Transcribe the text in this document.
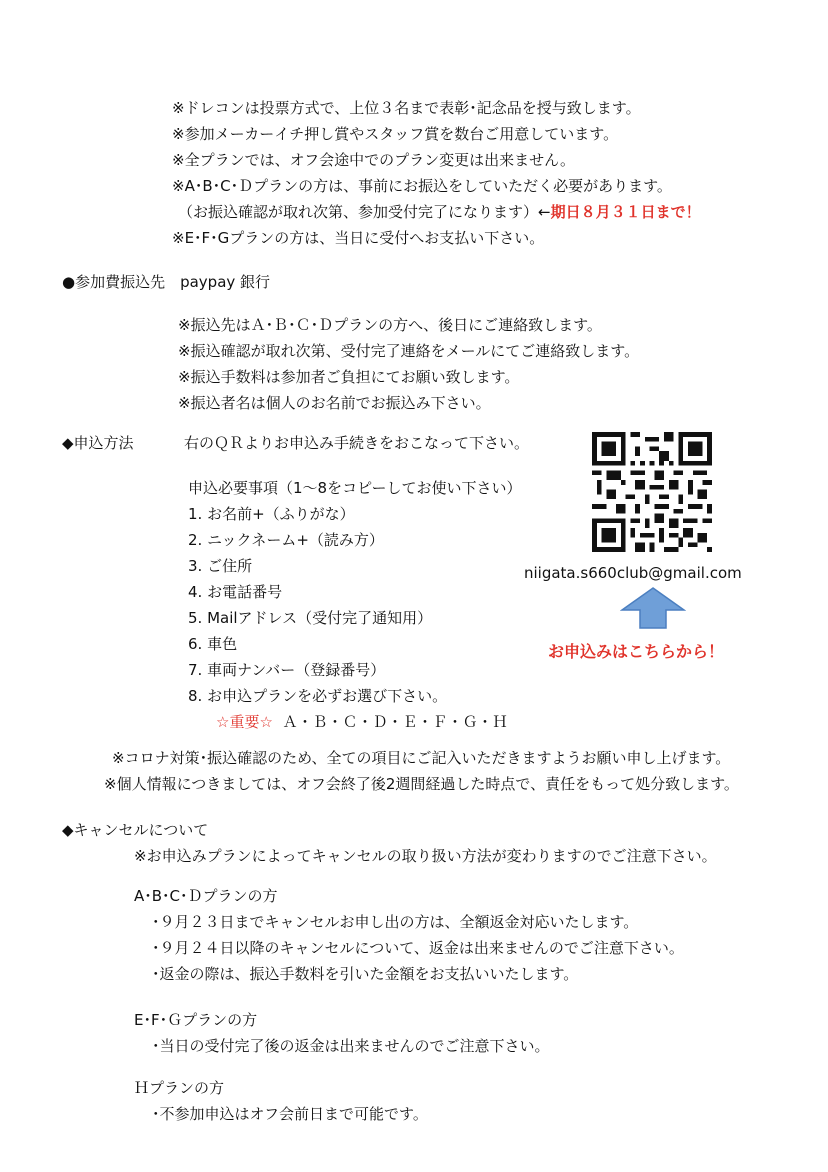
※ドレコンは投票方式で、上位３名まで表彰･記念品を授与致します。
※参加メーカーイチ押し賞やスタッフ賞を数台ご用意しています。
※全プランでは、オフ会途中でのプラン変更は出来ません。
※A･B･C･Ｄプランの方は、事前にお振込をしていただく必要があります。
（お振込確認が取れ次第、参加受付完了になります）←期日８月３１日まで！
※E･F･Gプランの方は、当日に受付へお支払い下さい。
●参加費振込先　paypay 銀行
※振込先はＡ･Ｂ･Ｃ･Ｄプランの方へ、後日にご連絡致します。
※振込確認が取れ次第、受付完了連絡をメールにてご連絡致します。
※振込手数料は参加者ご負担にてお願い致します。
※振込者名は個人のお名前でお振込み下さい。
◆申込方法	右のＱＲよりお申込み手続きをおこなって下さい。
申込必要事項（1～8をコピーしてお使い下さい）
1. お名前+（ふりがな）
2. ニックネーム+（読み方）
3. ご住所
4. お電話番号
5. Mailアドレス（受付完了通知用）
6. 車色
7. 車両ナンバー（登録番号）
8. お申込プランを必ずお選び下さい。
☆重要☆ Ａ・Ｂ・Ｃ・Ｄ・Ｅ・Ｆ・Ｇ・Ｈ
niigata.s660club@gmail.com
お申込みはこちらから！
※コロナ対策･振込確認のため、全ての項目にご記入いただきますようお願い申し上げます。
※個人情報につきましては、オフ会終了後2週間経過した時点で、責任をもって処分致します。
◆キャンセルについて
※お申込みプランによってキャンセルの取り扱い方法が変わりますのでご注意下さい。
A･B･C･Ｄプランの方
･９月２３日までキャンセルお申し出の方は、全額返金対応いたします。
･９月２４日以降のキャンセルについて、返金は出来ませんのでご注意下さい。
･返金の際は、振込手数料を引いた金額をお支払いいたします。
E･F･Ｇプランの方
･当日の受付完了後の返金は出来ませんのでご注意下さい。
Ｈプランの方
･不参加申込はオフ会前日まで可能です。
